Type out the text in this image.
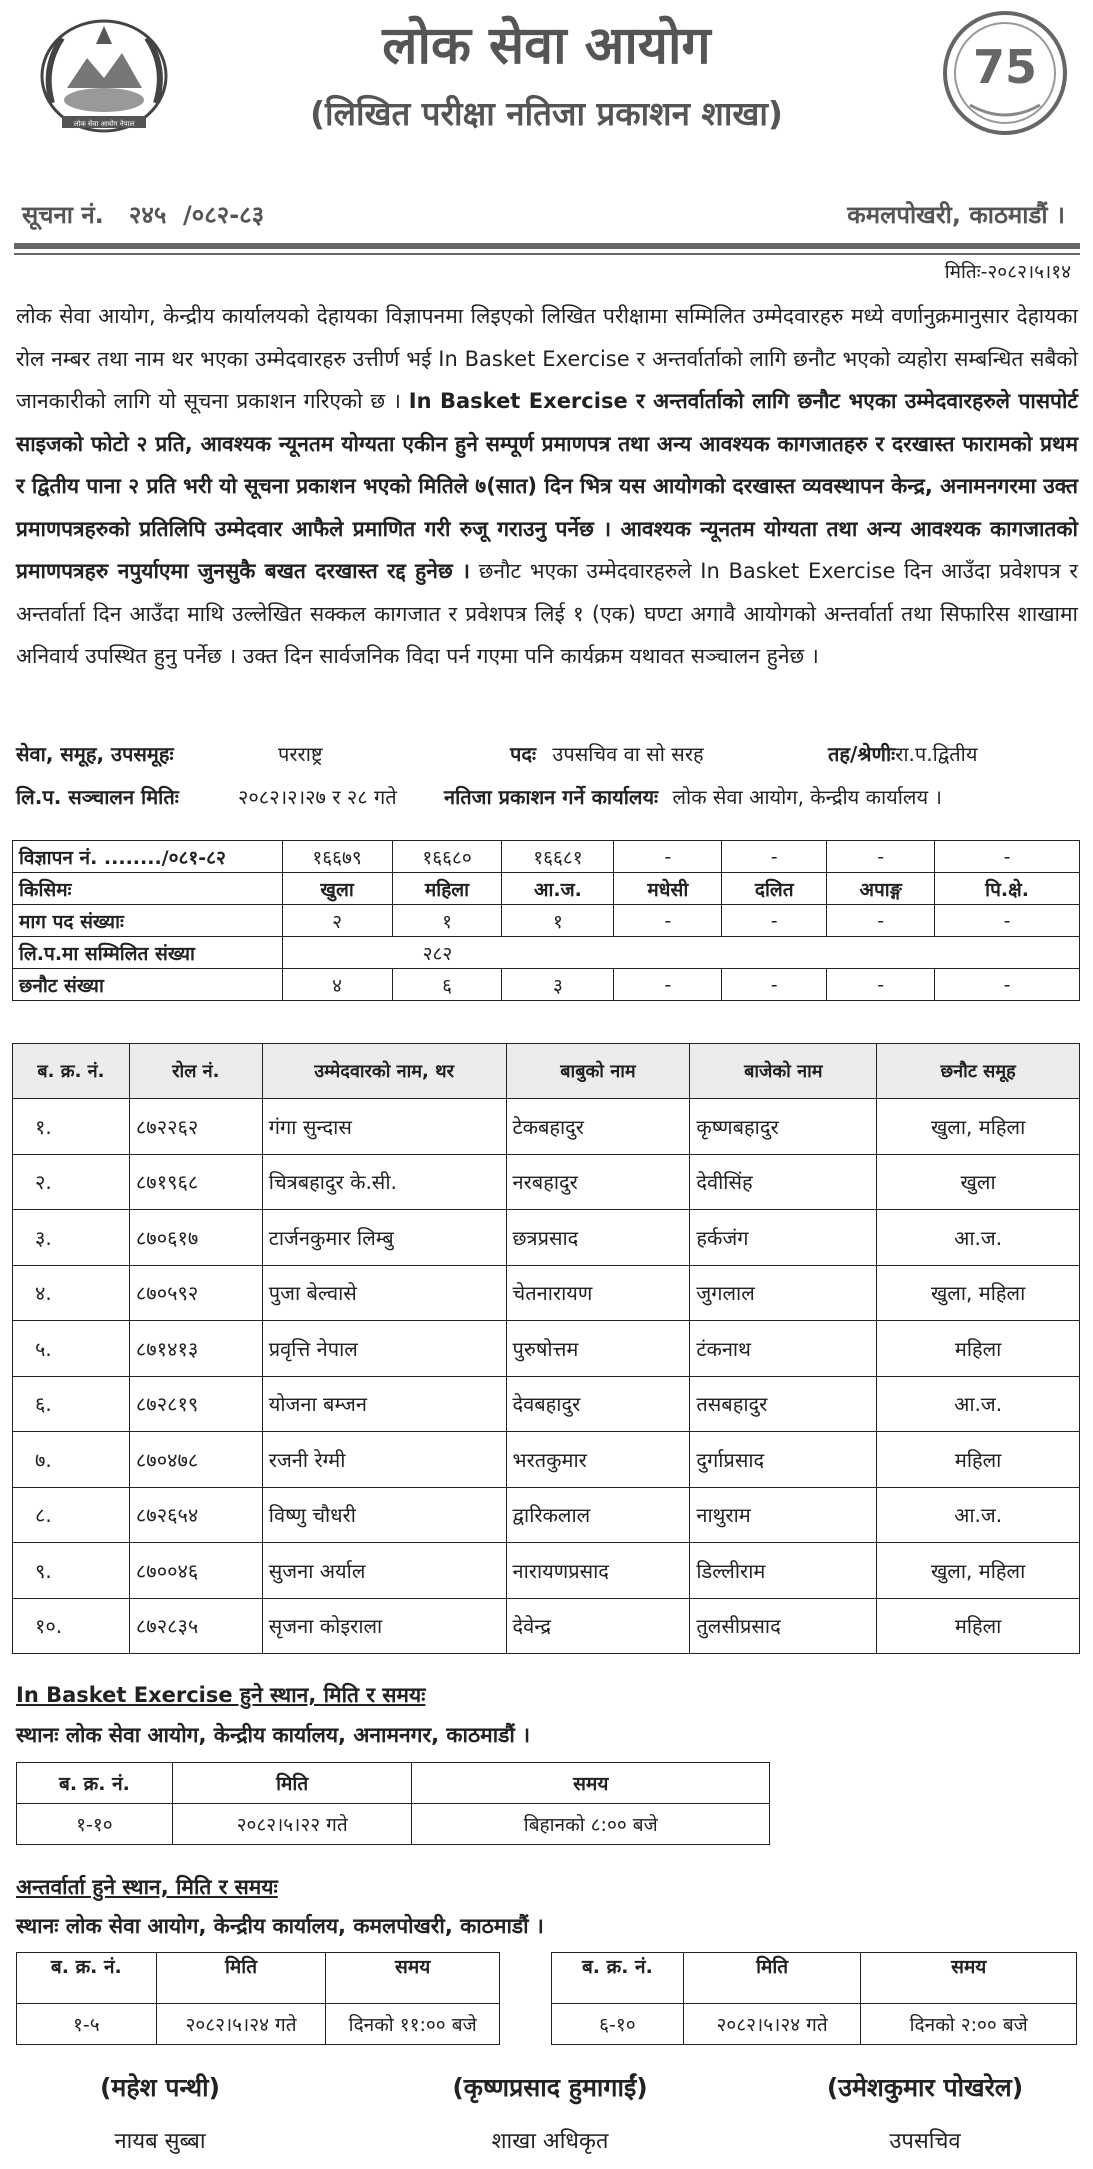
लोक सेवा आयोग नेपाल
75
लोक सेवा आयोग
(लिखित परीक्षा नतिजा प्रकाशन शाखा)
सूचना नं.   २४५  /०८२-८३	कमलपोखरी, काठमाडौं ।
मितिः-२०८२।५।१४
लोक सेवा आयोग, केन्द्रीय कार्यालयको देहायका विज्ञापनमा लिइएको लिखित परीक्षामा सम्मिलित उम्मेदवारहरु मध्ये वर्णानुक्रमानुसार देहायका रोल नम्बर तथा नाम थर भएका उम्मेदवारहरु उत्तीर्ण भई In Basket Exercise र अन्तर्वार्ताको लागि छनौट भएको व्यहोरा सम्बन्धित सबैको जानकारीको लागि यो सूचना प्रकाशन गरिएको छ । In Basket Exercise र अन्तर्वार्ताको लागि छनौट भएका उम्मेदवारहरुले पासपोर्ट साइजको फोटो २ प्रति, आवश्यक न्यूनतम योग्यता एकीन हुने सम्पूर्ण प्रमाणपत्र तथा अन्य आवश्यक कागजातहरु र दरखास्त फारामको प्रथम र द्वितीय पाना २ प्रति भरी यो सूचना प्रकाशन भएको मितिले ७(सात) दिन भित्र यस आयोगको दरखास्त व्यवस्थापन केन्द्र, अनामनगरमा उक्त प्रमाणपत्रहरुको प्रतिलिपि उम्मेदवार आफैले प्रमाणित गरी रुजू गराउनु पर्नेछ । आवश्यक न्यूनतम योग्यता तथा अन्य आवश्यक कागजातको प्रमाणपत्रहरु नपुर्याएमा जुनसुकै बखत दरखास्त रद्द हुनेछ । छनौट भएका उम्मेदवारहरुले In Basket Exercise दिन आउँदा प्रवेशपत्र र अन्तर्वार्ता दिन आउँदा माथि उल्लेखित सक्कल कागजात र प्रवेशपत्र लिई १ (एक) घण्टा अगावै आयोगको अन्तर्वार्ता तथा सिफारिस शाखामा अनिवार्य उपस्थित हुनु पर्नेछ । उक्त दिन सार्वजनिक विदा पर्न गएमा पनि कार्यक्रम यथावत सञ्चालन हुनेछ ।
सेवा, समूह, उपसमूहः	परराष्ट्र	पदः उपसचिव वा सो सरह	तह/श्रेणीःरा.प.द्वितीय
लि.प. सञ्चालन मितिः	२०८२।२।२७ र २८ गते नतिजा प्रकाशन गर्ने कार्यालयः लोक सेवा आयोग, केन्द्रीय कार्यालय ।
विज्ञापन नं. ......../०८१-८२	१६६७९	१६६८०	१६६८१	-	-	-	-
किसिमः	खुला	महिला	आ.ज.	मधेसी	दलित	अपाङ्ग	पि.क्षे.
माग पद संख्याः	२	१	१	-	-	-	-
लि.प.मा सम्मिलित संख्या	२८२						
छनौट संख्या	४	६	३	-	-	-	-
ब. क्र. नं.	रोल नं.	उम्मेदवारको नाम, थर	बाबुको नाम	बाजेको नाम	छनौट समूह
१.	८७२२६२	गंगा सुन्दास	टेकबहादुर	कृष्णबहादुर	खुला, महिला
२.	८७१९६८	चित्रबहादुर के.सी.	नरबहादुर	देवीसिंह	खुला
३.	८७०६१७	टार्जनकुमार लिम्बु	छत्रप्रसाद	हर्कजंग	आ.ज.
४.	८७०५९२	पुजा बेल्वासे	चेतनारायण	जुगलाल	खुला, महिला
५.	८७१४१३	प्रवृत्ति नेपाल	पुरुषोत्तम	टंकनाथ	महिला
६.	८७२८१९	योजना बम्जन	देवबहादुर	तसबहादुर	आ.ज.
७.	८७०४७८	रजनी रेग्मी	भरतकुमार	दुर्गाप्रसाद	महिला
८.	८७२६५४	विष्णु चौधरी	द्वारिकलाल	नाथुराम	आ.ज.
९.	८७००४६	सुजना अर्याल	नारायणप्रसाद	डिल्लीराम	खुला, महिला
१०.	८७२८३५	सृजना कोइराला	देवेन्द्र	तुलसीप्रसाद	महिला
In Basket Exercise हुने स्थान, मिति र समयः
स्थानः लोक सेवा आयोग, केन्द्रीय कार्यालय, अनामनगर, काठमाडौं ।
ब. क्र. नं.	मिति	समय
१-१०	२०८२।५।२२ गते	बिहानको ८:०० बजे
अन्तर्वार्ता हुने स्थान, मिति र समयः
स्थानः लोक सेवा आयोग, केन्द्रीय कार्यालय, कमलपोखरी, काठमाडौं ।
ब. क्र. नं.	मिति	समय
१-५	२०८२।५।२४ गते	दिनको ११:०० बजे
ब. क्र. नं.	मिति	समय
६-१०	२०८२।५।२४ गते	दिनको २:०० बजे
(महेश पन्थी)	(कृष्णप्रसाद हुमागाईं)	(उमेशकुमार पोखरेल)
नायब सुब्बा	शाखा अधिकृत	उपसचिव
